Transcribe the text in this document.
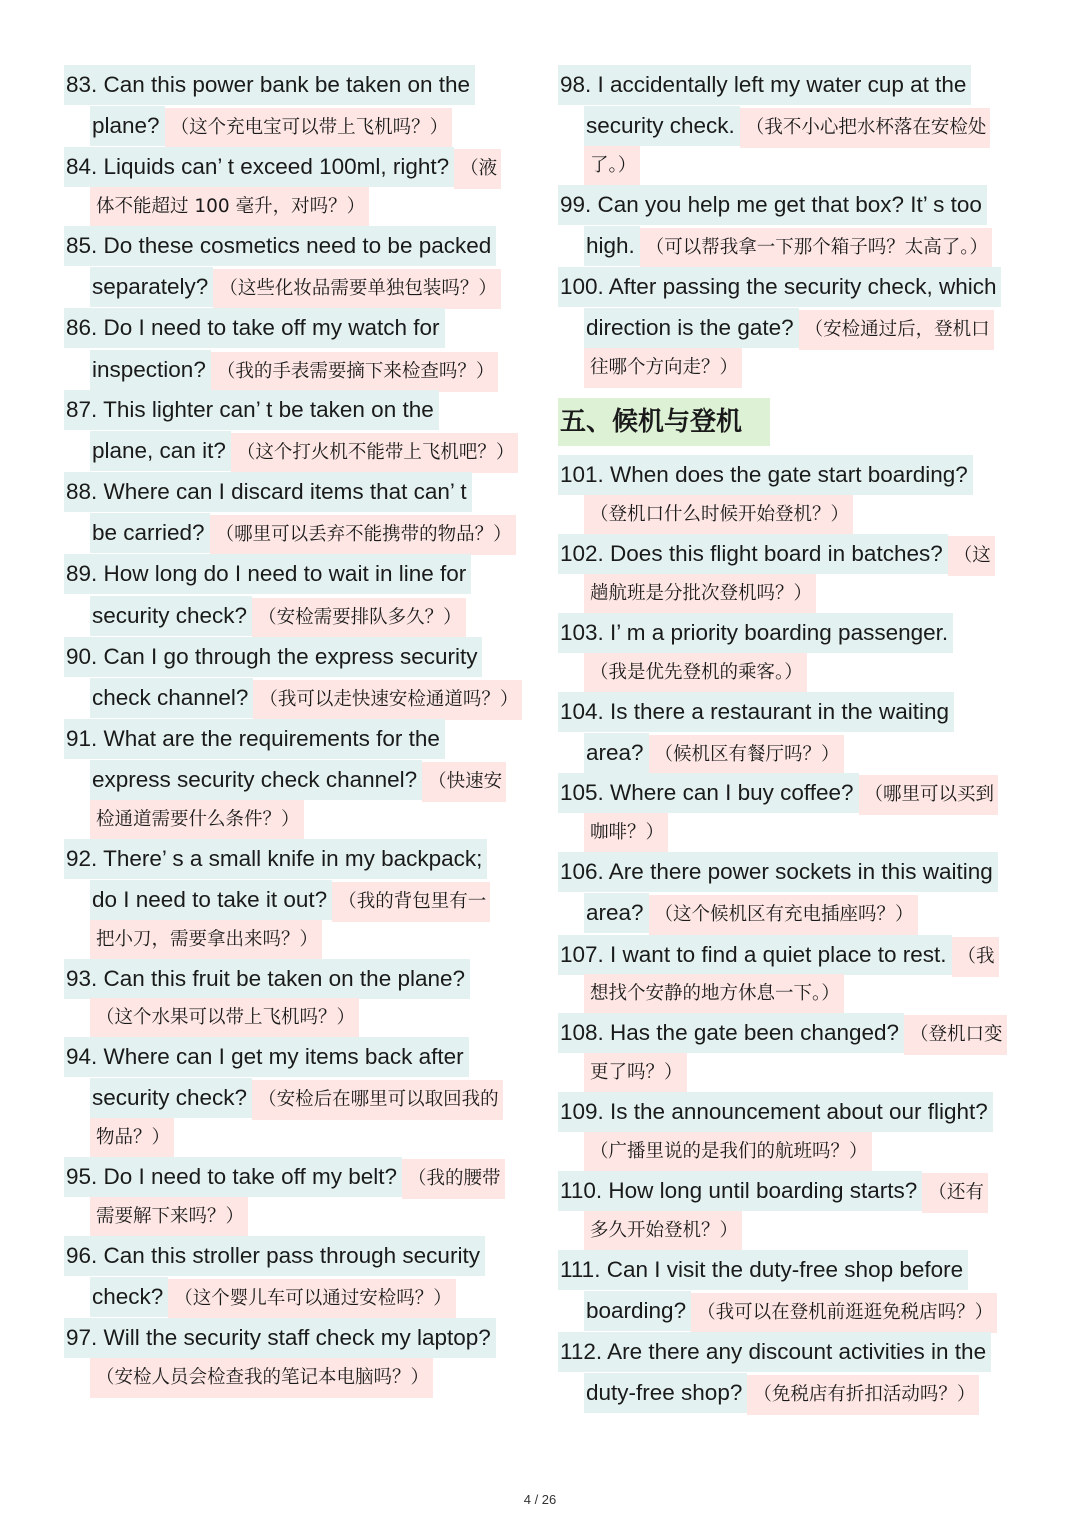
83. Can this power bank be taken on the
plane? （这个充电宝可以带上飞机吗？）
84. Liquids can’ t exceed 100ml, right? （液
体不能超过 100 毫升，对吗？）
85. Do these cosmetics need to be packed
separately? （这些化妆品需要单独包装吗？）
86. Do I need to take off my watch for
inspection? （我的手表需要摘下来检查吗？）
87. This lighter can’ t be taken on the
plane, can it? （这个打火机不能带上飞机吧？）
88. Where can I discard items that can’ t
be carried? （哪里可以丢弃不能携带的物品？）
89. How long do I need to wait in line for
security check? （安检需要排队多久？）
90. Can I go through the express security
check channel? （我可以走快速安检通道吗？）
91. What are the requirements for the
express security check channel? （快速安
检通道需要什么条件？）
92. There’ s a small knife in my backpack;
do I need to take it out? （我的背包里有一
把小刀，需要拿出来吗？）
93. Can this fruit be taken on the plane?
（这个水果可以带上飞机吗？）
94. Where can I get my items back after
security check? （安检后在哪里可以取回我的
物品？）
95. Do I need to take off my belt? （我的腰带
需要解下来吗？）
96. Can this stroller pass through security
check? （这个婴儿车可以通过安检吗？）
97. Will the security staff check my laptop?
（安检人员会检查我的笔记本电脑吗？）
98. I accidentally left my water cup at the
security check. （我不小心把水杯落在安检处
了。）
99. Can you help me get that box? It’ s too
high. （可以帮我拿一下那个箱子吗？太高了。）
100. After passing the security check, which
direction is the gate? （安检通过后，登机口
往哪个方向走？）
101. When does the gate start boarding?
（登机口什么时候开始登机？）
102. Does this flight board in batches? （这
趟航班是分批次登机吗？）
103. I’ m a priority boarding passenger.
（我是优先登机的乘客。）
104. Is there a restaurant in the waiting
area? （候机区有餐厅吗？）
105. Where can I buy coffee? （哪里可以买到
咖啡？）
106. Are there power sockets in this waiting
area? （这个候机区有充电插座吗？）
107. I want to find a quiet place to rest. （我
想找个安静的地方休息一下。）
108. Has the gate been changed? （登机口变
更了吗？）
109. Is the announcement about our flight?
（广播里说的是我们的航班吗？）
110. How long until boarding starts? （还有
多久开始登机？）
111. Can I visit the duty-free shop before
boarding? （我可以在登机前逛逛免税店吗？）
112. Are there any discount activities in the
duty-free shop? （免税店有折扣活动吗？）
五、候机与登机
4 / 26
